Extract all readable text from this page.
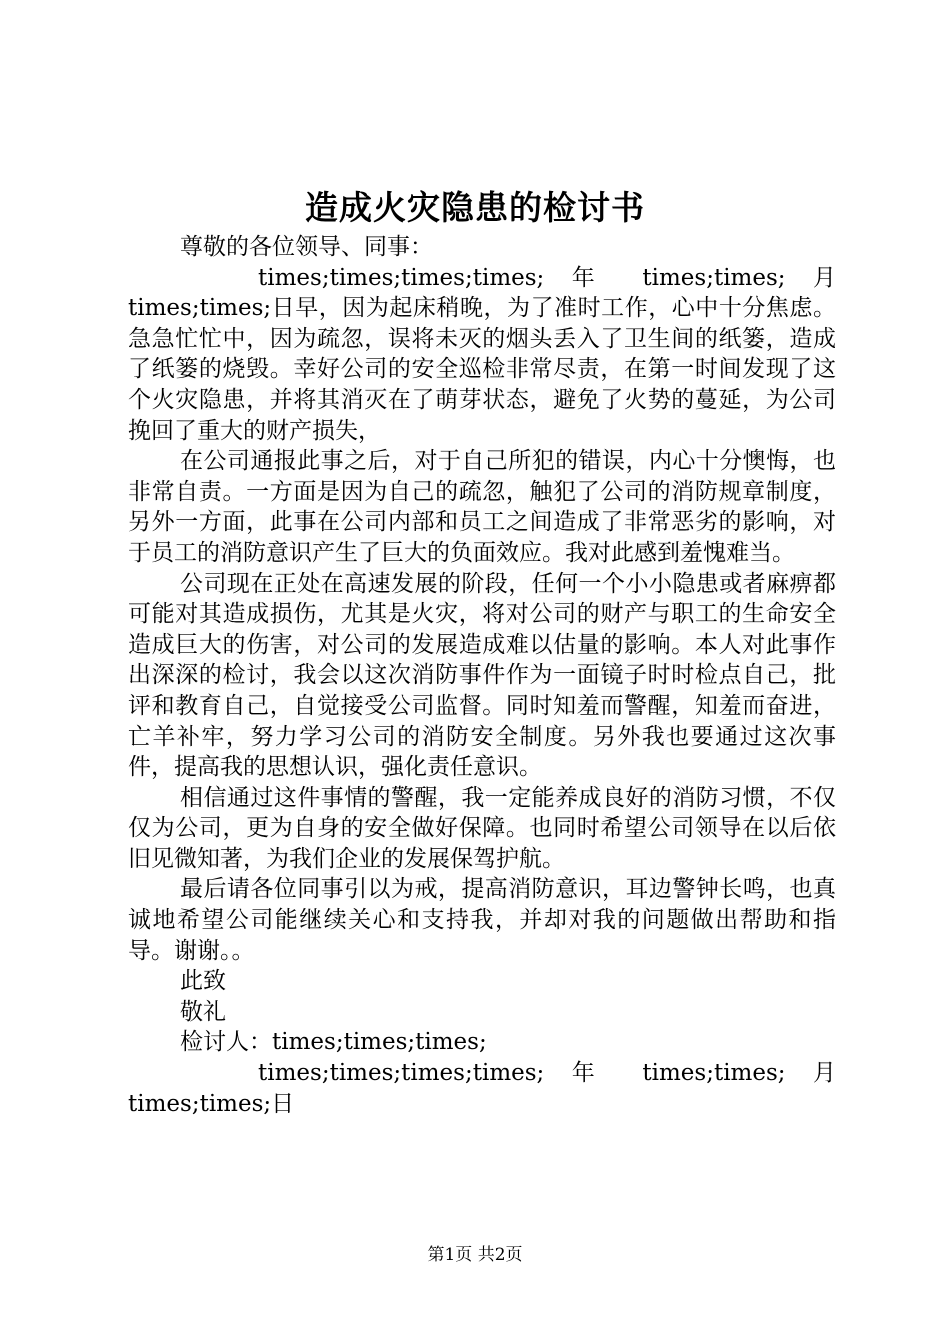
造成火灾隐患的检讨书

尊敬的各位领导、同事：

times;times;times;times; 年 times;times; 月times;times;日早，因为起床稍晚，为了准时工作，心中十分焦虑。急急忙忙中，因为疏忽，误将未灭的烟头丢入了卫生间的纸篓，造成了纸篓的烧毁。幸好公司的安全巡检非常尽责，在第一时间发现了这个火灾隐患，并将其消灭在了萌芽状态，避免了火势的蔓延，为公司挽回了重大的财产损失，

在公司通报此事之后，对于自己所犯的错误，内心十分懊悔，也非常自责。一方面是因为自己的疏忽，触犯了公司的消防规章制度，另外一方面，此事在公司内部和员工之间造成了非常恶劣的影响，对于员工的消防意识产生了巨大的负面效应。我对此感到羞愧难当。

公司现在正处在高速发展的阶段，任何一个小小隐患或者麻痹都可能对其造成损伤，尤其是火灾，将对公司的财产与职工的生命安全造成巨大的伤害，对公司的发展造成难以估量的影响。本人对此事作出深深的检讨，我会以这次消防事件作为一面镜子时时检点自己，批评和教育自己，自觉接受公司监督。同时知羞而警醒，知羞而奋进，亡羊补牢，努力学习公司的消防安全制度。另外我也要通过这次事件，提高我的思想认识，强化责任意识。

相信通过这件事情的警醒，我一定能养成良好的消防习惯，不仅仅为公司，更为自身的安全做好保障。也同时希望公司领导在以后依旧见微知著，为我们企业的发展保驾护航。

最后请各位同事引以为戒，提高消防意识，耳边警钟长鸣，也真诚地希望公司能继续关心和支持我，并却对我的问题做出帮助和指导。谢谢。。

此致

敬礼

检讨人：times;times;times;

times;times;times;times; 年 times;times; 月times;times;日

第1页 共2页
